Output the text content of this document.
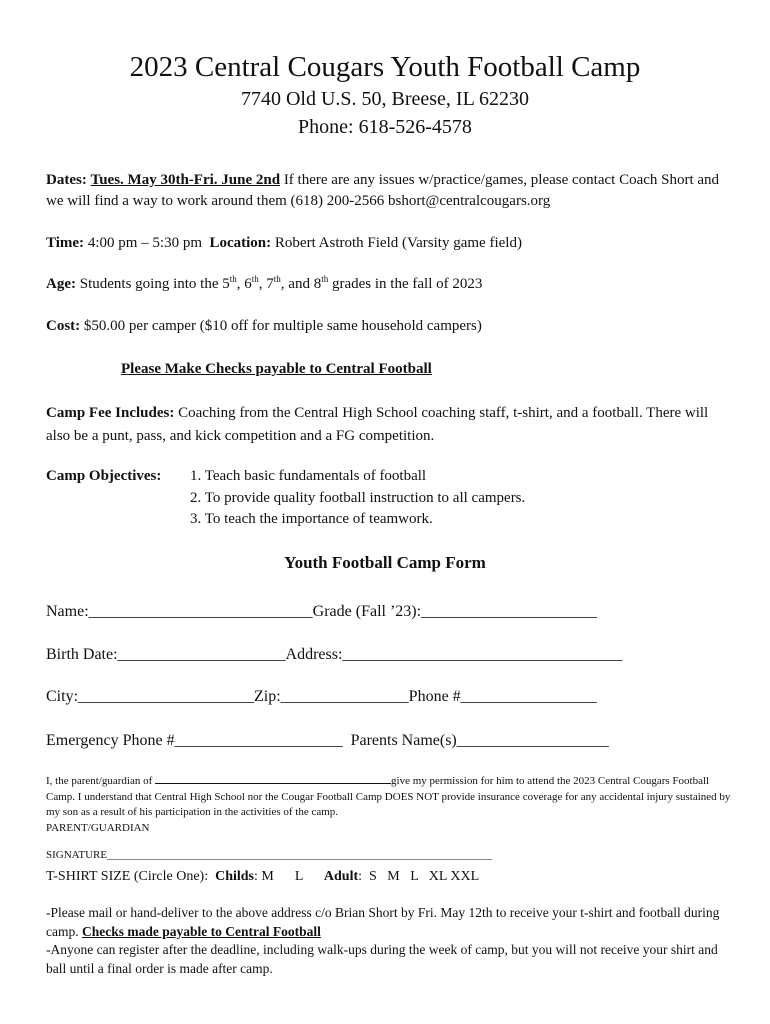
2023 Central Cougars Youth Football Camp
7740 Old U.S. 50, Breese, IL 62230
Phone: 618-526-4578
Dates: Tues. May 30th-Fri. June 2nd If there are any issues w/practice/games, please contact Coach Short and we will find a way to work around them (618) 200-2566 bshort@centralcougars.org
Time: 4:00 pm – 5:30 pm Location: Robert Astroth Field (Varsity game field)
Age: Students going into the 5th, 6th, 7th, and 8th grades in the fall of 2023
Cost: $50.00 per camper ($10 off for multiple same household campers)
Please Make Checks payable to Central Football
Camp Fee Includes: Coaching from the Central High School coaching staff, t-shirt, and a football. There will also be a punt, pass, and kick competition and a FG competition.
Camp Objectives:	1. Teach basic fundamentals of football
2. To provide quality football instruction to all campers.
3. To teach the importance of teamwork.
Youth Football Camp Form
Name:____________________________Grade (Fall ’23):______________________
Birth Date:_____________________Address:___________________________________
City:______________________Zip:________________Phone #_________________
Emergency Phone #_____________________  Parents Name(s)___________________
I, the parent/guardian of	give my permission for him to attend the 2023 Central Cougars Football Camp. I understand that Central High School nor the Cougar Football Camp DOES NOT provide insurance coverage for any accidental injury sustained by my son as a result of his participation in the activities of the camp.
PARENT/GUARDIAN
SIGNATURE______________________________________________________________________
T-SHIRT SIZE (Circle One):  Childs: M      L      Adult:  S   M   L   XL XXL
-Please mail or hand-deliver to the above address c/o Brian Short by Fri. May 12th to receive your t-shirt and football during camp. Checks made payable to Central Football
-Anyone can register after the deadline, including walk-ups during the week of camp, but you will not receive your shirt and ball until a final order is made after camp.
